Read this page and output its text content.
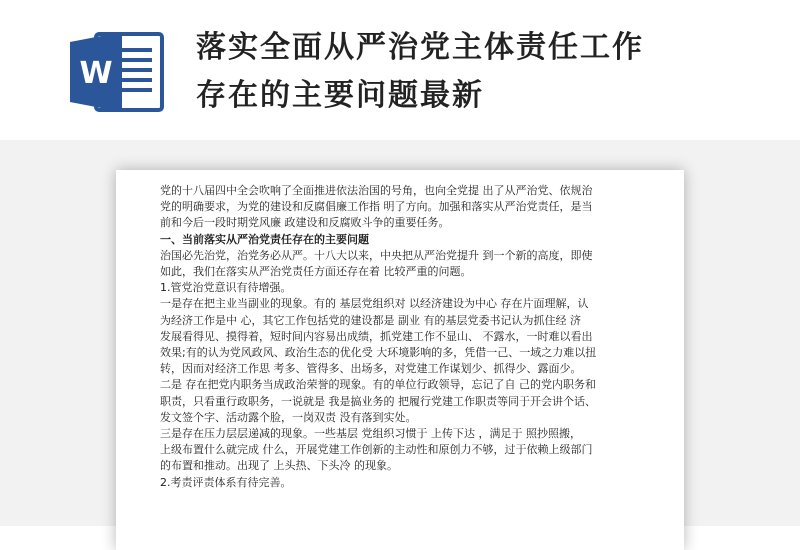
W
落实全面从严治党主体责任工作
存在的主要问题最新

党的十八届四中全会吹响了全面推进依法治国的号角，也向全党提 出了从严治党、依规治

党的明确要求，为党的建设和反腐倡廉工作指 明了方向。加强和落实从严治党责任，是当

前和今后一段时期党风廉 政建设和反腐败斗争的重要任务。

一、当前落实从严治党责任存在的主要问题

治国必先治党，治党务必从严。十八大以来，中央把从严治党提升 到一个新的高度，即使

如此，我们在落实从严治党责任方面还存在着 比较严重的问题。

1.管党治党意识有待增强。

一是存在把主业当副业的现象。有的 基层党组织对 以经济建设为中心 存在片面理解，认

为经济工作是中 心，其它工作包括党的建设都是 副业 有的基层党委书记认为抓住经 济

发展看得见、摸得着，短时间内容易出成绩，抓党建工作不显山、 不露水，一时难以看出

效果;有的认为党风政风、政治生态的优化受 大环境影响的多，凭借一己、一域之力难以扭

转，因而对经济工作思 考多、管得多、出场多，对党建工作谋划少、抓得少、露面少。

二是 存在把党内职务当成政治荣誉的现象。有的单位行政领导，忘记了自 己的党内职务和

职责，只看重行政职务，一说就是 我是搞业务的 把履行党建工作职责等同于开会讲个话、

发文签个字、活动露个脸，一岗双责 没有落到实处。

三是存在压力层层递减的现象。一些基层 党组织习惯于 上传下达 ，满足于 照抄照搬，

上级布置什么就完成 什么，开展党建工作创新的主动性和原创力不够，过于依赖上级部门

的布置和推动。出现了 上头热、下头冷 的现象。

2.考责评责体系有待完善。
